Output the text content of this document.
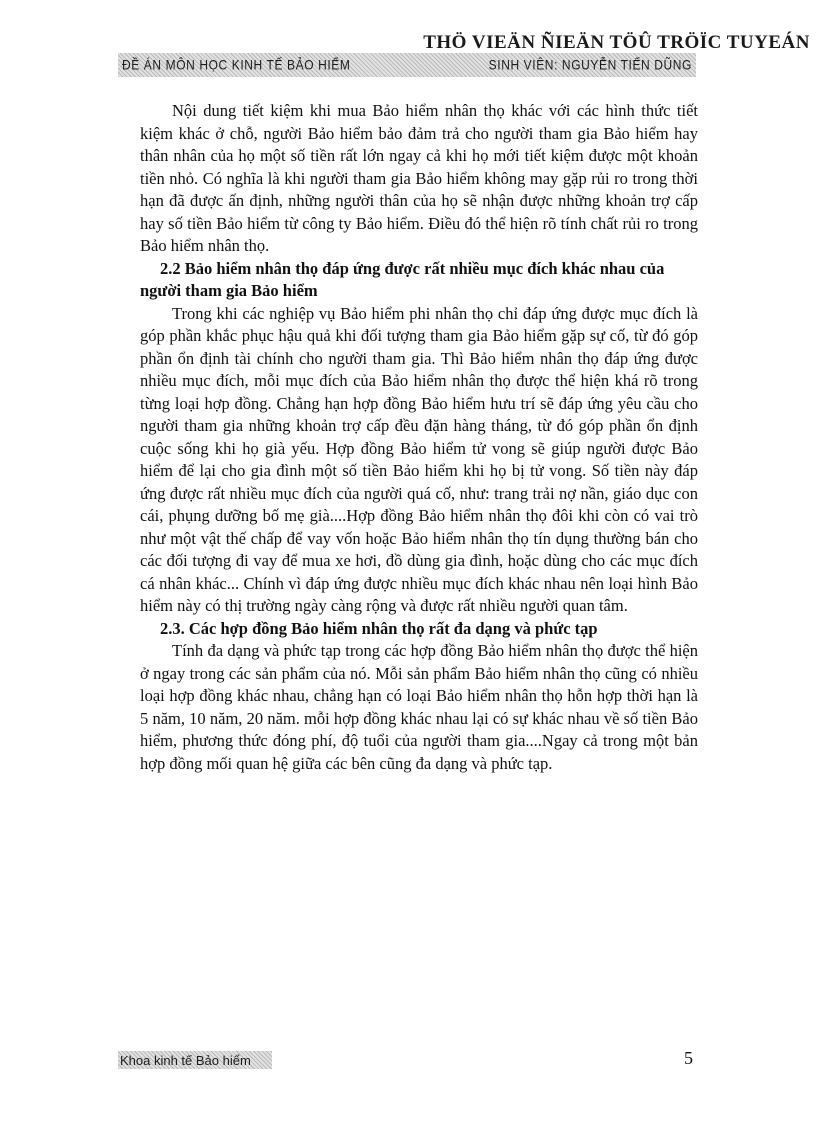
THÖ VIEÄN ÑIEÄN TÖÛ TRÖÏC TUYEÁN
ĐỀ ÁN MÔN HỌC KINH TẾ BẢO HIỂM	SINH VIÊN: NGUYỄN TIẾN DŨNG

Nội dung tiết kiệm khi mua Bảo hiểm nhân thọ khác với các hình thức tiết kiệm khác ở chỗ, người Bảo hiểm bảo đảm trả cho người tham gia Bảo hiểm hay thân nhân của họ một số tiền rất lớn ngay cả khi họ mới tiết kiệm được một khoản tiền nhỏ. Có nghĩa là khi người tham gia Bảo hiểm không may gặp rủi ro trong thời hạn đã được ấn định, những người thân của họ sẽ nhận được những khoản trợ cấp hay số tiền Bảo hiểm từ công ty Bảo hiểm. Điều đó thể hiện rõ tính chất rủi ro trong Bảo hiểm nhân thọ.

2.2 Bảo hiểm nhân thọ đáp ứng được rất nhiều mục đích khác nhau của người tham gia Bảo hiểm

Trong khi các nghiệp vụ Bảo hiểm phi nhân thọ chỉ đáp ứng được mục đích là góp phần khắc phục hậu quả khi đối tượng tham gia Bảo hiểm gặp sự cố, từ đó góp phần ổn định tài chính cho người tham gia. Thì Bảo hiểm nhân thọ đáp ứng được nhiều mục đích, mỗi mục đích của Bảo hiểm nhân thọ được thể hiện khá rõ trong từng loại hợp đồng. Chẳng hạn hợp đồng Bảo hiểm hưu trí sẽ đáp ứng yêu cầu cho người tham gia những khoản trợ cấp đều đặn hàng tháng, từ đó góp phần ổn định cuộc sống khi họ già yếu. Hợp đồng Bảo hiểm tử vong sẽ giúp người được Bảo hiểm để lại cho gia đình một số tiền Bảo hiểm khi họ bị tử vong. Số tiền này đáp ứng được rất nhiều mục đích của người quá cố, như: trang trải nợ nần, giáo dục con cái, phụng dưỡng bố mẹ già....Hợp đồng Bảo hiểm nhân thọ đôi khi còn có vai trò như một vật thế chấp để vay vốn hoặc Bảo hiểm nhân thọ tín dụng thường bán cho các đối tượng đi vay để mua xe hơi, đồ dùng gia đình, hoặc dùng cho các mục đích cá nhân khác... Chính vì đáp ứng được nhiều mục đích khác nhau nên loại hình Bảo hiểm này có thị trường ngày càng rộng và được rất nhiều người quan tâm.

2.3. Các hợp đồng Bảo hiểm nhân thọ rất đa dạng và phức tạp

Tính đa dạng và phức tạp trong các hợp đồng Bảo hiểm nhân thọ được thể hiện ở ngay trong các sản phẩm của nó. Mỗi sản phẩm Bảo hiểm nhân thọ cũng có nhiều loại hợp đồng khác nhau, chẳng hạn có loại Bảo hiểm nhân thọ hỗn hợp thời hạn là 5 năm, 10 năm, 20 năm. mỗi hợp đồng khác nhau lại có sự khác nhau về số tiền Bảo hiểm, phương thức đóng phí, độ tuổi của người tham gia....Ngay cả trong một bản hợp đồng mối quan hệ giữa các bên cũng đa dạng và phức tạp.

Khoa kinh tế Bảo hiểm	5
